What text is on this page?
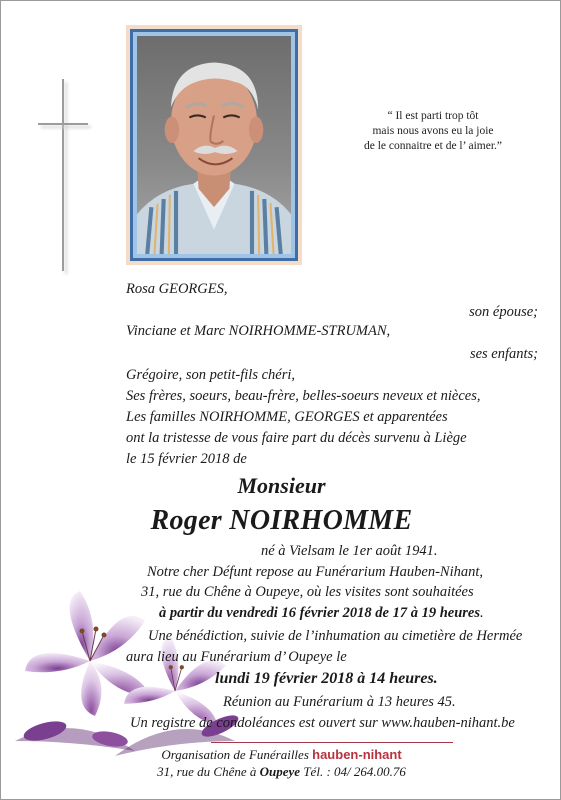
“ Il est parti trop tôt
mais nous avons eu la joie
de le connaitre et de l’ aimer.”
Rosa GEORGES,
son épouse;
Vinciane et Marc NOIRHOMME-STRUMAN,
ses enfants;
Grégoire, son petit-fils chéri,
Ses frères, soeurs, beau-frère, belles-soeurs neveux et nièces,
Les familles NOIRHOMME, GEORGES et apparentées
ont la tristesse de vous faire part du décès survenu à Liège
le 15 février 2018 de
Monsieur
Roger NOIRHOMME
né à Vielsam le 1er août 1941.
Notre cher Défunt repose au Funérarium Hauben-Nihant,
31, rue du Chêne à Oupeye, où les visites sont souhaitées
à partir du vendredi 16 février 2018 de 17 à 19 heures.
Une bénédiction, suivie de l’inhumation au cimetière de Hermée
aura lieu au Funérarium d’ Oupeye le
lundi 19 février 2018 à 14 heures.
Réunion au Funérarium à 13 heures 45.
Un registre de condoléances est ouvert sur www.hauben-nihant.be
Organisation de Funérailles hauben-nihant
31, rue du Chêne à Oupeye Tél. : 04/ 264.00.76
